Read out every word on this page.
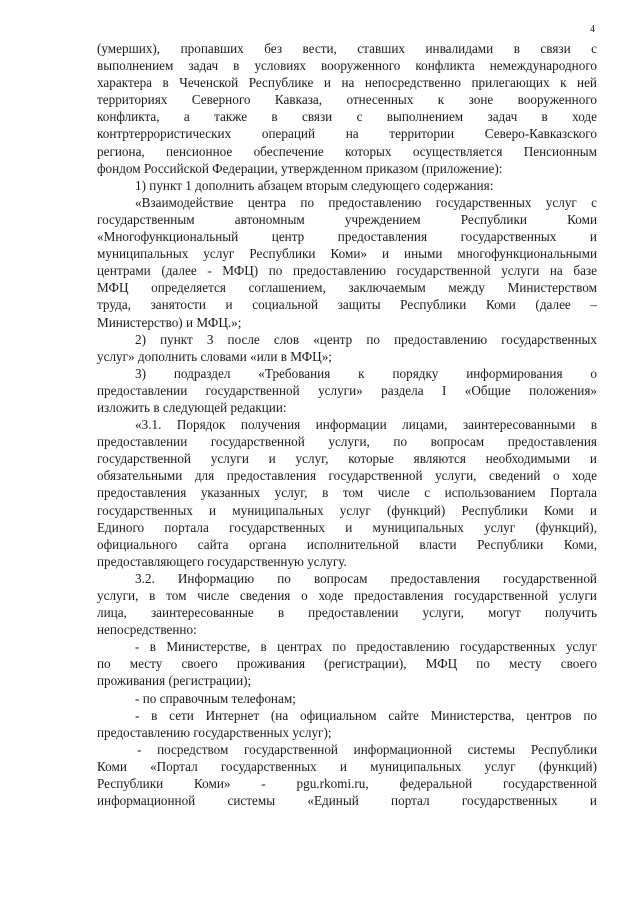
4
(умерших), пропавших без вести, ставших инвалидами в связи с
выполнением задач в условиях вооруженного конфликта немеждународного
характера в Чеченской Республике и на непосредственно прилегающих к ней
территориях Северного Кавказа, отнесенных к зоне вооруженного
конфликта, а также в связи с выполнением задач в ходе
контртеррористических операций на территории Северо-Кавказского
региона, пенсионное обеспечение которых осуществляется Пенсионным
фондом Российской Федерации, утвержденном приказом (приложение):
1) пункт 1 дополнить абзацем вторым следующего содержания:
«Взаимодействие центра по предоставлению государственных услуг с
государственным автономным учреждением Республики Коми
«Многофункциональный центр предоставления государственных и
муниципальных услуг Республики Коми» и иными многофункциональными
центрами (далее - МФЦ) по предоставлению государственной услуги на базе
МФЦ определяется соглашением, заключаемым между Министерством
труда, занятости и социальной защиты Республики Коми (далее –
Министерство) и МФЦ.»;
2) пункт 3 после слов «центр по предоставлению государственных
услуг» дополнить словами «или в МФЦ»;
3) подраздел «Требования к порядку информирования о
предоставлении государственной услуги» раздела I «Общие положения»
изложить в следующей редакции:
«3.1. Порядок получения информации лицами, заинтересованными в
предоставлении государственной услуги, по вопросам предоставления
государственной услуги и услуг, которые являются необходимыми и
обязательными для предоставления государственной услуги, сведений о ходе
предоставления указанных услуг, в том числе с использованием Портала
государственных и муниципальных услуг (функций) Республики Коми и
Единого портала государственных и муниципальных услуг (функций),
официального сайта органа исполнительной власти Республики Коми,
предоставляющего государственную услугу.
3.2. Информацию по вопросам предоставления государственной
услуги, в том числе сведения о ходе предоставления государственной услуги
лица, заинтересованные в предоставлении услуги, могут получить
непосредственно:
- в Министерстве, в центрах по предоставлению государственных услуг
по месту своего проживания (регистрации), МФЦ по месту своего
проживания (регистрации);
- по справочным телефонам;
- в сети Интернет (на официальном сайте Министерства, центров по
предоставлению государственных услуг);
- посредством государственной информационной системы Республики
Коми «Портал государственных и муниципальных услуг (функций)
Республики Коми» - pgu.rkomi.ru, федеральной государственной
информационной системы «Единый портал государственных и
